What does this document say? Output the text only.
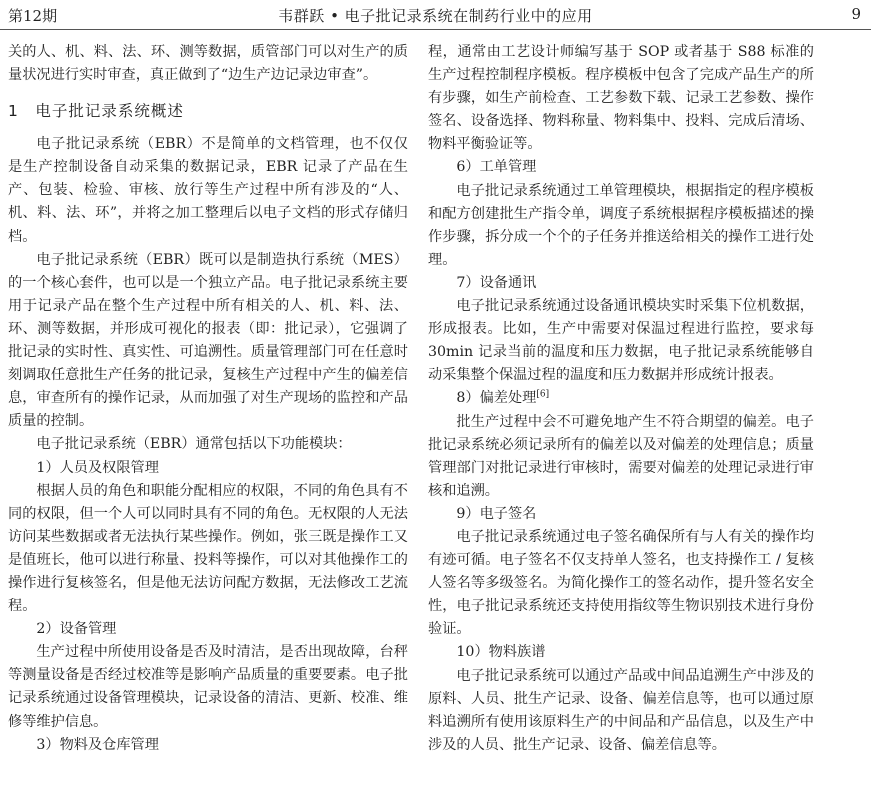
第12期	韦群跃 • 电子批记录系统在制药行业中的应用	9

关的人、机、料、法、环、测等数据，质管部门可以对生产的质量状况进行实时审查，真正做到了“边生产边记录边审查”。

1　电子批记录系统概述

电子批记录系统（EBR）不是简单的文档管理，也不仅仅是生产控制设备自动采集的数据记录，EBR 记录了产品在生产、包装、检验、审核、放行等生产过程中所有涉及的“人、机、料、法、环”，并将之加工整理后以电子文档的形式存储归档。

电子批记录系统（EBR）既可以是制造执行系统（MES）的一个核心套件，也可以是一个独立产品。电子批记录系统主要用于记录产品在整个生产过程中所有相关的人、机、料、法、环、测等数据，并形成可视化的报表（即：批记录），它强调了批记录的实时性、真实性、可追溯性。质量管理部门可在任意时刻调取任意批生产任务的批记录，复核生产过程中产生的偏差信息，审查所有的操作记录，从而加强了对生产现场的监控和产品质量的控制。

电子批记录系统（EBR）通常包括以下功能模块：

1）人员及权限管理

根据人员的角色和职能分配相应的权限，不同的角色具有不同的权限，但一个人可以同时具有不同的角色。无权限的人无法访问某些数据或者无法执行某些操作。例如，张三既是操作工又是值班长，他可以进行称量、投料等操作，可以对其他操作工的操作进行复核签名，但是他无法访问配方数据，无法修改工艺流程。

2）设备管理

生产过程中所使用设备是否及时清洁，是否出现故障，台秤等测量设备是否经过校准等是影响产品质量的重要要素。电子批记录系统通过设备管理模块，记录设备的清洁、更新、校准、维修等维护信息。

3）物料及仓库管理

程，通常由工艺设计师编写基于 SOP 或者基于 S88 标准的生产过程控制程序模板。程序模板中包含了完成产品生产的所有步骤，如生产前检查、工艺参数下载、记录工艺参数、操作签名、设备选择、物料称量、物料集中、投料、完成后清场、物料平衡验证等。

6）工单管理

电子批记录系统通过工单管理模块，根据指定的程序模板和配方创建批生产指令单，调度子系统根据程序模板描述的操作步骤，拆分成一个个的子任务并推送给相关的操作工进行处理。

7）设备通讯

电子批记录系统通过设备通讯模块实时采集下位机数据，形成报表。比如，生产中需要对保温过程进行监控，要求每 30min 记录当前的温度和压力数据，电子批记录系统能够自动采集整个保温过程的温度和压力数据并形成统计报表。

8）偏差处理[6]

批生产过程中会不可避免地产生不符合期望的偏差。电子批记录系统必须记录所有的偏差以及对偏差的处理信息；质量管理部门对批记录进行审核时，需要对偏差的处理记录进行审核和追溯。

9）电子签名

电子批记录系统通过电子签名确保所有与人有关的操作均有迹可循。电子签名不仅支持单人签名，也支持操作工 / 复核人签名等多级签名。为简化操作工的签名动作，提升签名安全性，电子批记录系统还支持使用指纹等生物识别技术进行身份验证。

10）物料族谱

电子批记录系统可以通过产品或中间品追溯生产中涉及的原料、人员、批生产记录、设备、偏差信息等，也可以通过原料追溯所有使用该原料生产的中间品和产品信息，以及生产中涉及的人员、批生产记录、设备、偏差信息等。
